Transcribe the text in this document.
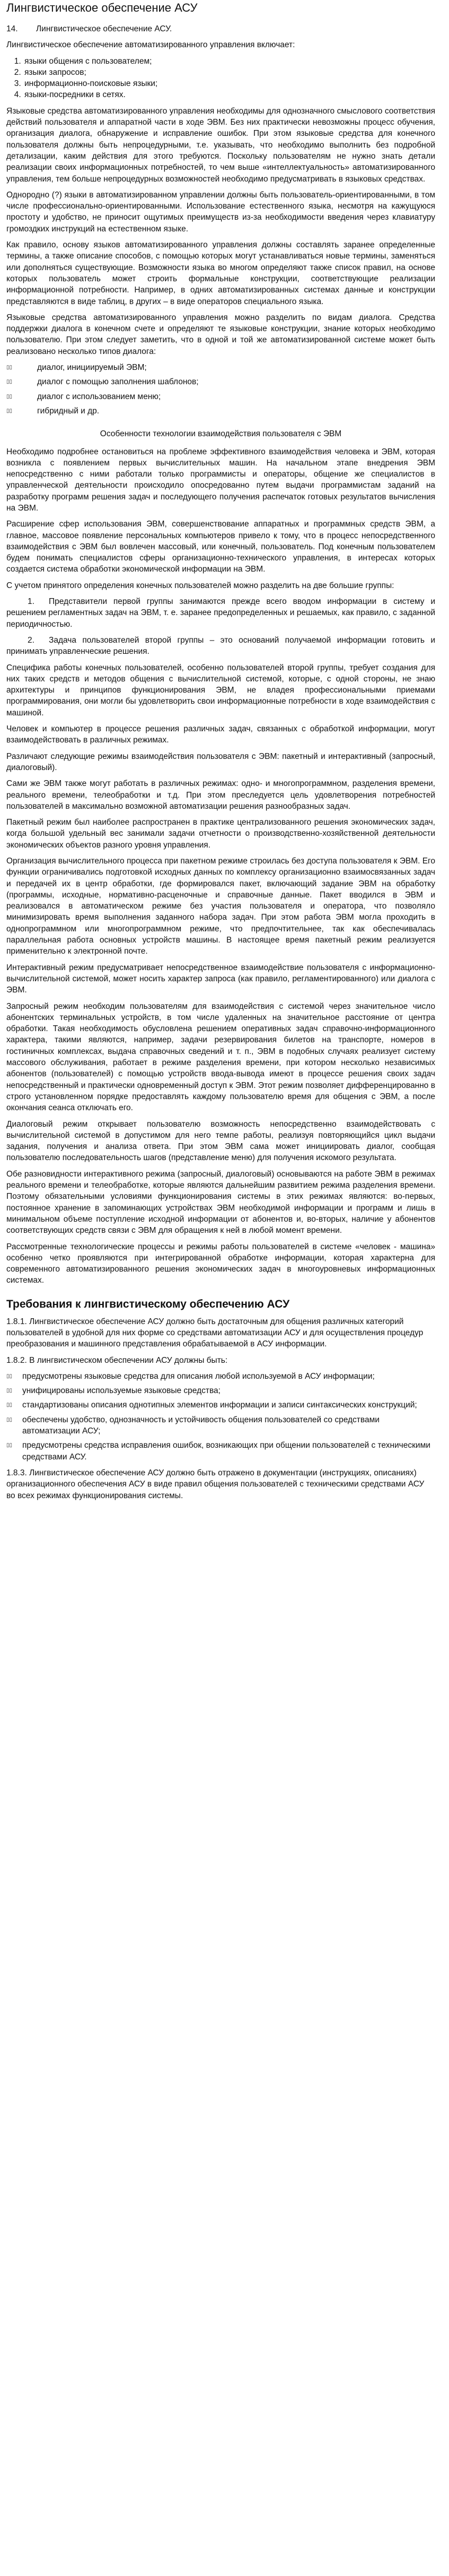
Лингвистическое обеспечение АСУ
14. Лингвистическое обеспечение АСУ.

Лингвистическое обеспечение автоматизированного управления включает:

1. языки общения с пользователем;
2. языки запросов;
3. информационно-поисковые языки;
4. языки-посредники в сетях.

Языковые средства автоматизированного управления необходимы для однозначного смыслового соответствия действий пользователя и аппаратной части в ходе ЭВМ. Без них практически невозможны процесс обучения, организация диалога, обнаружение и исправление ошибок. При этом языковые средства для конечного пользователя должны быть непроцедурными, т.е. указывать, что необходимо выполнить без подробной детализации, каким действия для этого требуются. Поскольку пользователям не нужно знать детали реализации своих информационных потребностей, то чем выше «интеллектуальность» автоматизированного управления, тем больше непроцедурных возможностей необходимо предусматривать в языковых средствах.

Однородно (?) языки в автоматизированном управлении должны быть пользователь-ориентированными, в том числе профессионально-ориентированными. Использование естественного языка, несмотря на кажущуюся простоту и удобство, не приносит ощутимых преимуществ из-за необходимости введения через клавиатуру громоздких инструкций на естественном языке.

Как правило, основу языков автоматизированного управления должны составлять заранее определенные термины, а также описание способов, с помощью которых могут устанавливаться новые термины, заменяться или дополняться существующие. Возможности языка во многом определяют также список правил, на основе которых пользователь может строить формальные конструкции, соответствующие реализации информационной потребности. Например, в одних автоматизированных системах данные и конструкции представляются в виде таблиц, в других – в виде операторов специального языка.

Языковые средства автоматизированного управления можно разделить по видам диалога. Средства поддержки диалога в конечном счете и определяют те языковые конструкции, знание которых необходимо пользователю. При этом следует заметить, что в одной и той же автоматизированной системе может быть реализовано несколько типов диалога:

▯▯	диалог, инициируемый ЭВМ;
▯▯	диалог с помощью заполнения шаблонов;
▯▯	диалог с использованием меню;
▯▯	гибридный и др.
Особенности технологии взаимодействия пользователя с ЭВМ

Необходимо подробнее остановиться на проблеме эффективного взаимодействия человека и ЭВМ, которая возникла с появлением первых вычислительных машин. На начальном этапе внедрения ЭВМ непосредственно с ними работали только программисты и операторы, общение же специалистов в управленческой деятельности происходило опосредованно путем выдачи программистам заданий на разработку программ решения задач и последующего получения распечаток готовых результатов вычисления на ЭВМ.

Расширение сфер использования ЭВМ, совершенствование аппаратных и программных средств ЭВМ, а главное, массовое появление персональных компьютеров привело к тому, что в процесс непосредственного взаимодействия с ЭВМ был вовлечен массовый, или конечный, пользователь. Под конечным пользователем будем понимать специалистов сферы организационно-технического управления, в интересах которых создается система обработки экономической информации на ЭВМ.

С учетом принятого определения конечных пользователей можно разделить на две большие группы:

1. Представители первой группы занимаются прежде всего вводом информации в систему и решением регламентных задач на ЭВМ, т. е. заранее предопределенных и решаемых, как правило, с заданной периодичностью.

2. Задача пользователей второй группы – это оснований получаемой информации готовить и принимать управленческие решения.

Специфика работы конечных пользователей, особенно пользователей второй группы, требует создания для них таких средств и методов общения с вычислительной системой, которые, с одной стороны, не знаю архитектуры и принципов функционирования ЭВМ, не владея профессиональными приемами программирования, они могли бы удовлетворить свои информационные потребности в ходе взаимодействия с машиной.

Человек и компьютер в процессе решения различных задач, связанных с обработкой информации, могут взаимодействовать в различных режимах.

Различают следующие режимы взаимодействия пользователя с ЭВМ: пакетный и интерактивный (запросный, диалоговый).

Сами же ЭВМ также могут работать в различных режимах: одно- и многопрограммном, разделения времени, реального времени, телеобработки и т.д. При этом преследуется цель удовлетворения потребностей пользователей в максимально возможной автоматизации решения разнообразных задач.

Пакетный режим был наиболее распространен в практике централизованного решения экономических задач, когда большой удельный вес занимали задачи отчетности о производственно-хозяйственной деятельности экономических объектов разного уровня управления.

Организация вычислительного процесса при пакетном режиме строилась без доступа пользователя к ЭВМ. Его функции ограничивались подготовкой исходных данных по комплексу организационно взаимосвязанных задач и передачей их в центр обработки, где формировался пакет, включающий задание ЭВМ на обработку (программы, исходные, нормативно-расценочные и справочные данные. Пакет вводился в ЭВМ и реализовался в автоматическом режиме без участия пользователя и оператора, что позволяло минимизировать время выполнения заданного набора задач. При этом работа ЭВМ могла проходить в однопрограммном или многопрограммном режиме, что предпочтительнее, так как обеспечивалась параллельная работа основных устройств машины. В настоящее время пакетный режим реализуется применительно к электронной почте.

Интерактивный режим предусматривает непосредственное взаимодействие пользователя с информационно-вычислительной системой, может носить характер запроса (как правило, регламентированного) или диалога с ЭВМ.

Запросный режим необходим пользователям для взаимодействия с системой через значительное число абонентских терминальных устройств, в том числе удаленных на значительное расстояние от центра обработки. Такая необходимость обусловлена решением оперативных задач справочно-информационного характера, такими являются, например, задачи резервирования билетов на транспорте, номеров в гостиничных комплексах, выдача справочных сведений и т. п., ЭВМ в подобных случаях реализует систему массового обслуживания, работает в режиме разделения времени, при котором несколько независимых абонентов (пользователей) с помощью устройств ввода-вывода имеют в процессе решения своих задач непосредственный и практически одновременный доступ к ЭВМ. Этот режим позволяет дифференцированно в строго установленном порядке предоставлять каждому пользователю время для общения с ЭВМ, а после окончания сеанса отключать его.

Диалоговый режим открывает пользователю возможность непосредственно взаимодействовать с вычислительной системой в допустимом для него темпе работы, реализуя повторяющийся цикл выдачи задания, получения и анализа ответа. При этом ЭВМ сама может инициировать диалог, сообщая пользователю последовательность шагов (представление меню) для получения искомого результата.

Обе разновидности интерактивного режима (запросный, диалоговый) основываются на работе ЭВМ в режимах реального времени и телеобработке, которые являются дальнейшим развитием режима разделения времени. Поэтому обязательными условиями функционирования системы в этих режимах являются: во-первых, постоянное хранение в запоминающих устройствах ЭВМ необходимой информации и программ и лишь в минимальном объеме поступление исходной информации от абонентов и, во-вторых, наличие у абонентов соответствующих средств связи с ЭВМ для обращения к ней в любой момент времени.

Рассмотренные технологические процессы и режимы работы пользователей в системе «человек - машина» особенно четко проявляются при интегрированной обработке информации, которая характерна для современного автоматизированного решения экономических задач в многоуровневых информационных системах.

Требования к лингвистическому обеспечению АСУ

1.8.1. Лингвистическое обеспечение АСУ должно быть достаточным для общения различных категорий пользователей в удобной для них форме со средствами автоматизации АСУ и для осуществления процедур преобразования и машинного представления обрабатываемой в АСУ информации.

1.8.2. В лингвистическом обеспечении АСУ должны быть:

▯▯	предусмотрены языковые средства для описания любой используемой в АСУ информации;
▯▯	унифицированы используемые языковые средства;
▯▯	стандартизованы описания однотипных элементов информации и записи синтаксических конструкций;
▯▯	обеспечены удобство, однозначность и устойчивость общения пользователей со средствами автоматизации АСУ;
▯▯	предусмотрены средства исправления ошибок, возникающих при общении пользователей с техническими средствами АСУ.

1.8.3. Лингвистическое обеспечение АСУ должно быть отражено в документации (инструкциях, описаниях) организационного обеспечения АСУ в виде правил общения пользователей с техническими средствами АСУ во всех режимах функционирования системы.
